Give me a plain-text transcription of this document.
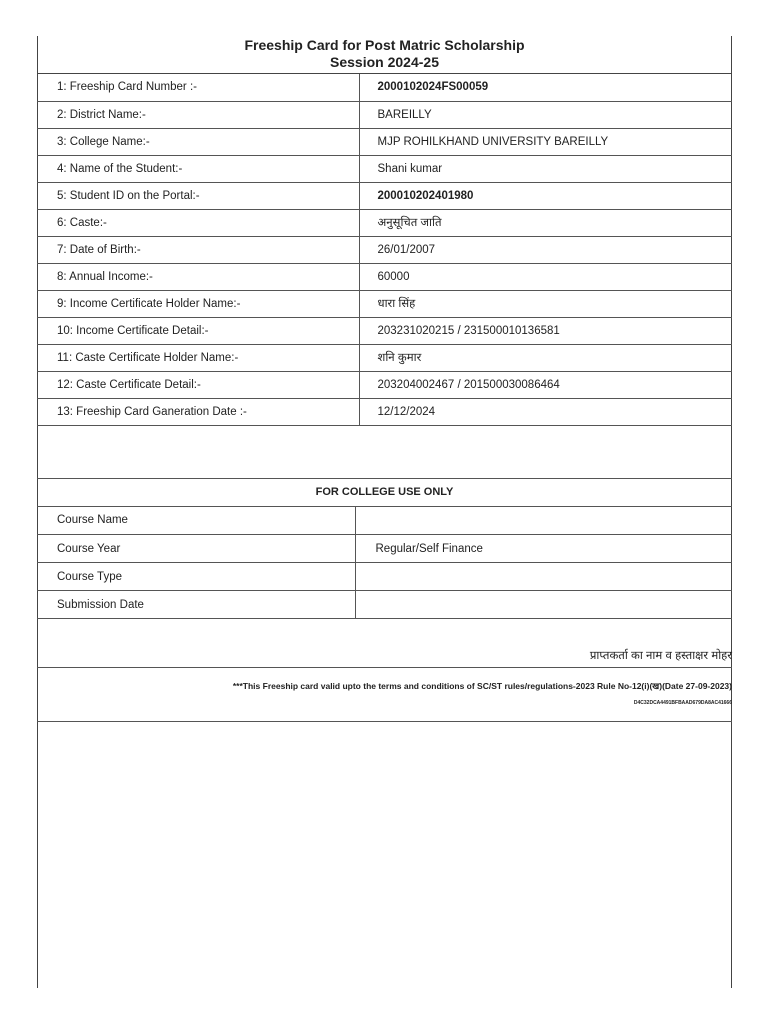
Freeship Card for Post Matric Scholarship
Session 2024-25
1: Freeship Card Number :-	2000102024FS00059
2: District Name:-	BAREILLY
3: College Name:-	MJP ROHILKHAND UNIVERSITY BAREILLY
4: Name of the Student:-	Shani kumar
5: Student ID on the Portal:-	200010202401980
6: Caste:-	अनुसूचित जाति
7: Date of Birth:-	26/01/2007
8: Annual Income:-	60000
9: Income Certificate Holder Name:-	धारा सिंह
10: Income Certificate Detail:-	203231020215 / 231500010136581
11: Caste Certificate Holder Name:-	शनि कुमार
12: Caste Certificate Detail:-	203204002467 / 201500030086464
13: Freeship Card Ganeration Date :-	12/12/2024
FOR COLLEGE USE ONLY
Course Name	
Course Year	Regular/Self Finance
Course Type	
Submission Date	
प्राप्तकर्ता का नाम व हस्ताक्षर मोहर
***This Freeship card valid upto the terms and conditions of SC/ST rules/regulations-2023 Rule No-12(i)(ख)(Date 27-09-2023)
D4C32DCA4491BFBAAD679DA8AC41666
